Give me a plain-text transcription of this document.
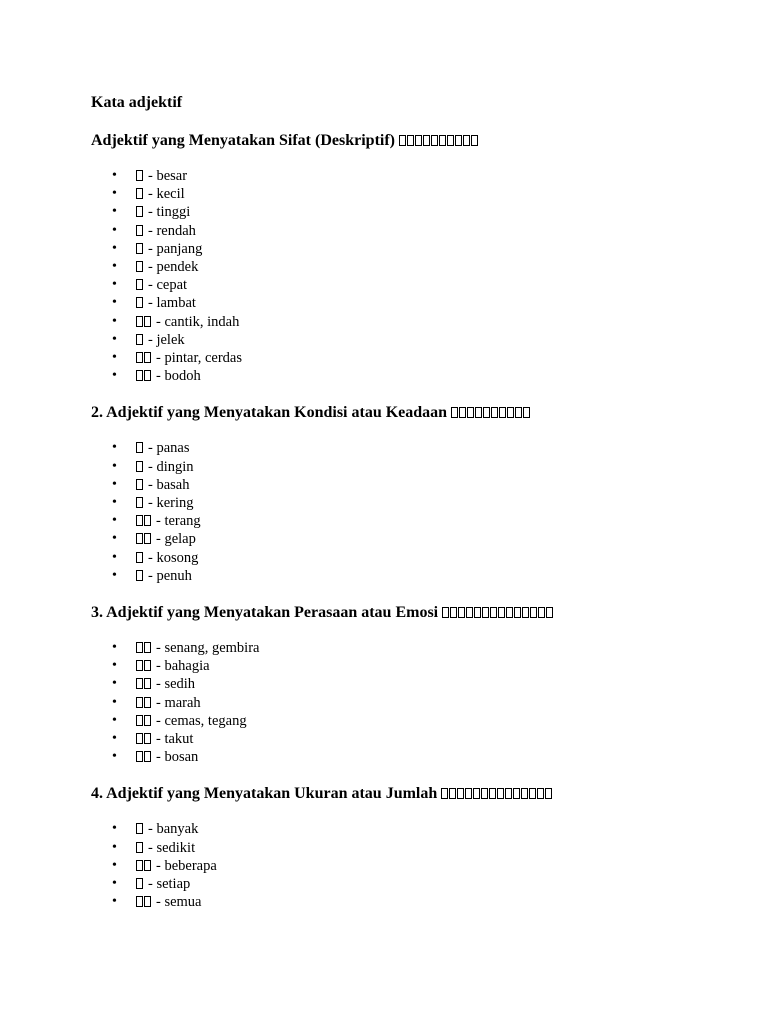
Kata adjektif
Adjektif yang Menyatakan Sifat (Deskriptif)
• - besar
• - kecil
• - tinggi
• - rendah
• - panjang
• - pendek
• - cepat
• - lambat
• - cantik, indah
• - jelek
• - pintar, cerdas
• - bodoh
2. Adjektif yang Menyatakan Kondisi atau Keadaan
• - panas
• - dingin
• - basah
• - kering
• - terang
• - gelap
• - kosong
• - penuh
3. Adjektif yang Menyatakan Perasaan atau Emosi
• - senang, gembira
• - bahagia
• - sedih
• - marah
• - cemas, tegang
• - takut
• - bosan
4. Adjektif yang Menyatakan Ukuran atau Jumlah
• - banyak
• - sedikit
• - beberapa
• - setiap
• - semua
